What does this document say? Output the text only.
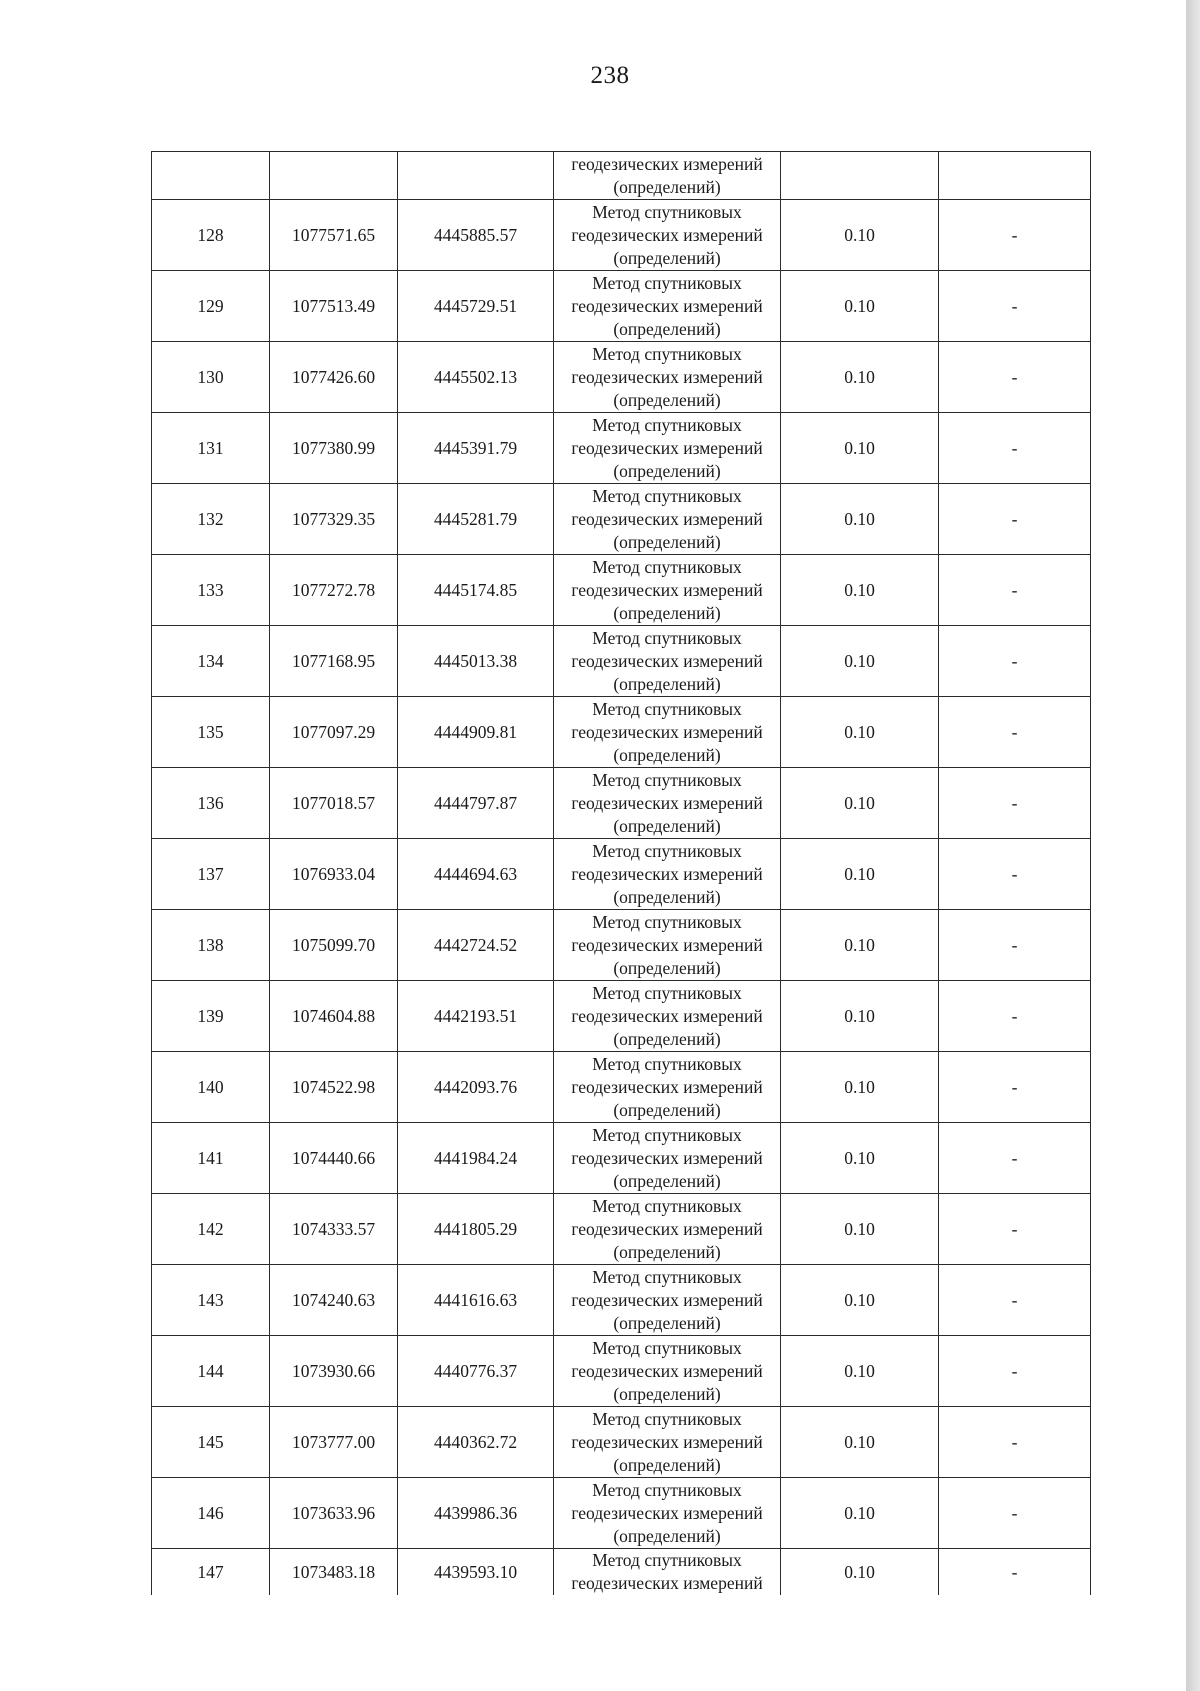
238

			геодезических измерений
(определений)		

128	1077571.65	4445885.57	Метод спутниковых
геодезических измерений
(определений)	0.10	-
129	1077513.49	4445729.51	Метод спутниковых
геодезических измерений
(определений)	0.10	-
130	1077426.60	4445502.13	Метод спутниковых
геодезических измерений
(определений)	0.10	-
131	1077380.99	4445391.79	Метод спутниковых
геодезических измерений
(определений)	0.10	-
132	1077329.35	4445281.79	Метод спутниковых
геодезических измерений
(определений)	0.10	-
133	1077272.78	4445174.85	Метод спутниковых
геодезических измерений
(определений)	0.10	-
134	1077168.95	4445013.38	Метод спутниковых
геодезических измерений
(определений)	0.10	-
135	1077097.29	4444909.81	Метод спутниковых
геодезических измерений
(определений)	0.10	-
136	1077018.57	4444797.87	Метод спутниковых
геодезических измерений
(определений)	0.10	-
137	1076933.04	4444694.63	Метод спутниковых
геодезических измерений
(определений)	0.10	-
138	1075099.70	4442724.52	Метод спутниковых
геодезических измерений
(определений)	0.10	-
139	1074604.88	4442193.51	Метод спутниковых
геодезических измерений
(определений)	0.10	-
140	1074522.98	4442093.76	Метод спутниковых
геодезических измерений
(определений)	0.10	-
141	1074440.66	4441984.24	Метод спутниковых
геодезических измерений
(определений)	0.10	-
142	1074333.57	4441805.29	Метод спутниковых
геодезических измерений
(определений)	0.10	-
143	1074240.63	4441616.63	Метод спутниковых
геодезических измерений
(определений)	0.10	-
144	1073930.66	4440776.37	Метод спутниковых
геодезических измерений
(определений)	0.10	-
145	1073777.00	4440362.72	Метод спутниковых
геодезических измерений
(определений)	0.10	-
146	1073633.96	4439986.36	Метод спутниковых
геодезических измерений
(определений)	0.10	-
147	1073483.18	4439593.10	Метод спутниковых
геодезических измерений	0.10	-
